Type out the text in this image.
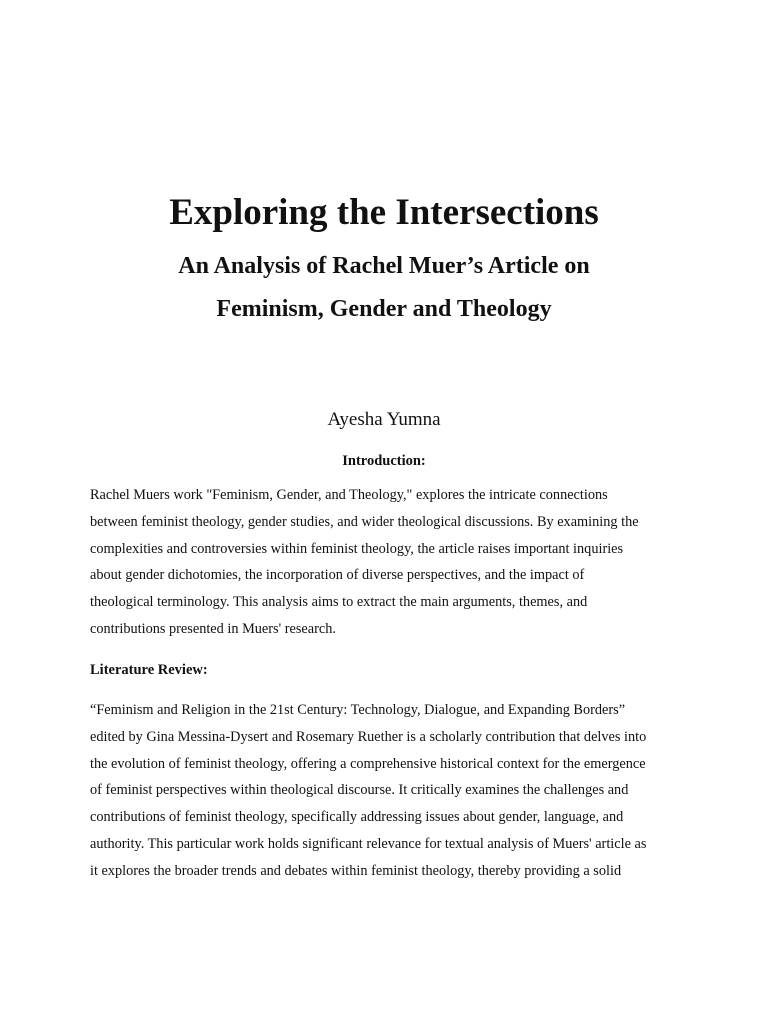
Exploring the Intersections
An Analysis of Rachel Muer’s Article on
Feminism, Gender and Theology

Ayesha Yumna

Introduction:

Rachel Muers work "Feminism, Gender, and Theology," explores the intricate connections
between feminist theology, gender studies, and wider theological discussions. By examining the
complexities and controversies within feminist theology, the article raises important inquiries
about gender dichotomies, the incorporation of diverse perspectives, and the impact of
theological terminology. This analysis aims to extract the main arguments, themes, and
contributions presented in Muers' research.

Literature Review:

“Feminism and Religion in the 21st Century: Technology, Dialogue, and Expanding Borders”
edited by Gina Messina-Dysert and Rosemary Ruether is a scholarly contribution that delves into
the evolution of feminist theology, offering a comprehensive historical context for the emergence
of feminist perspectives within theological discourse. It critically examines the challenges and
contributions of feminist theology, specifically addressing issues about gender, language, and
authority. This particular work holds significant relevance for textual analysis of Muers' article as
it explores the broader trends and debates within feminist theology, thereby providing a solid
